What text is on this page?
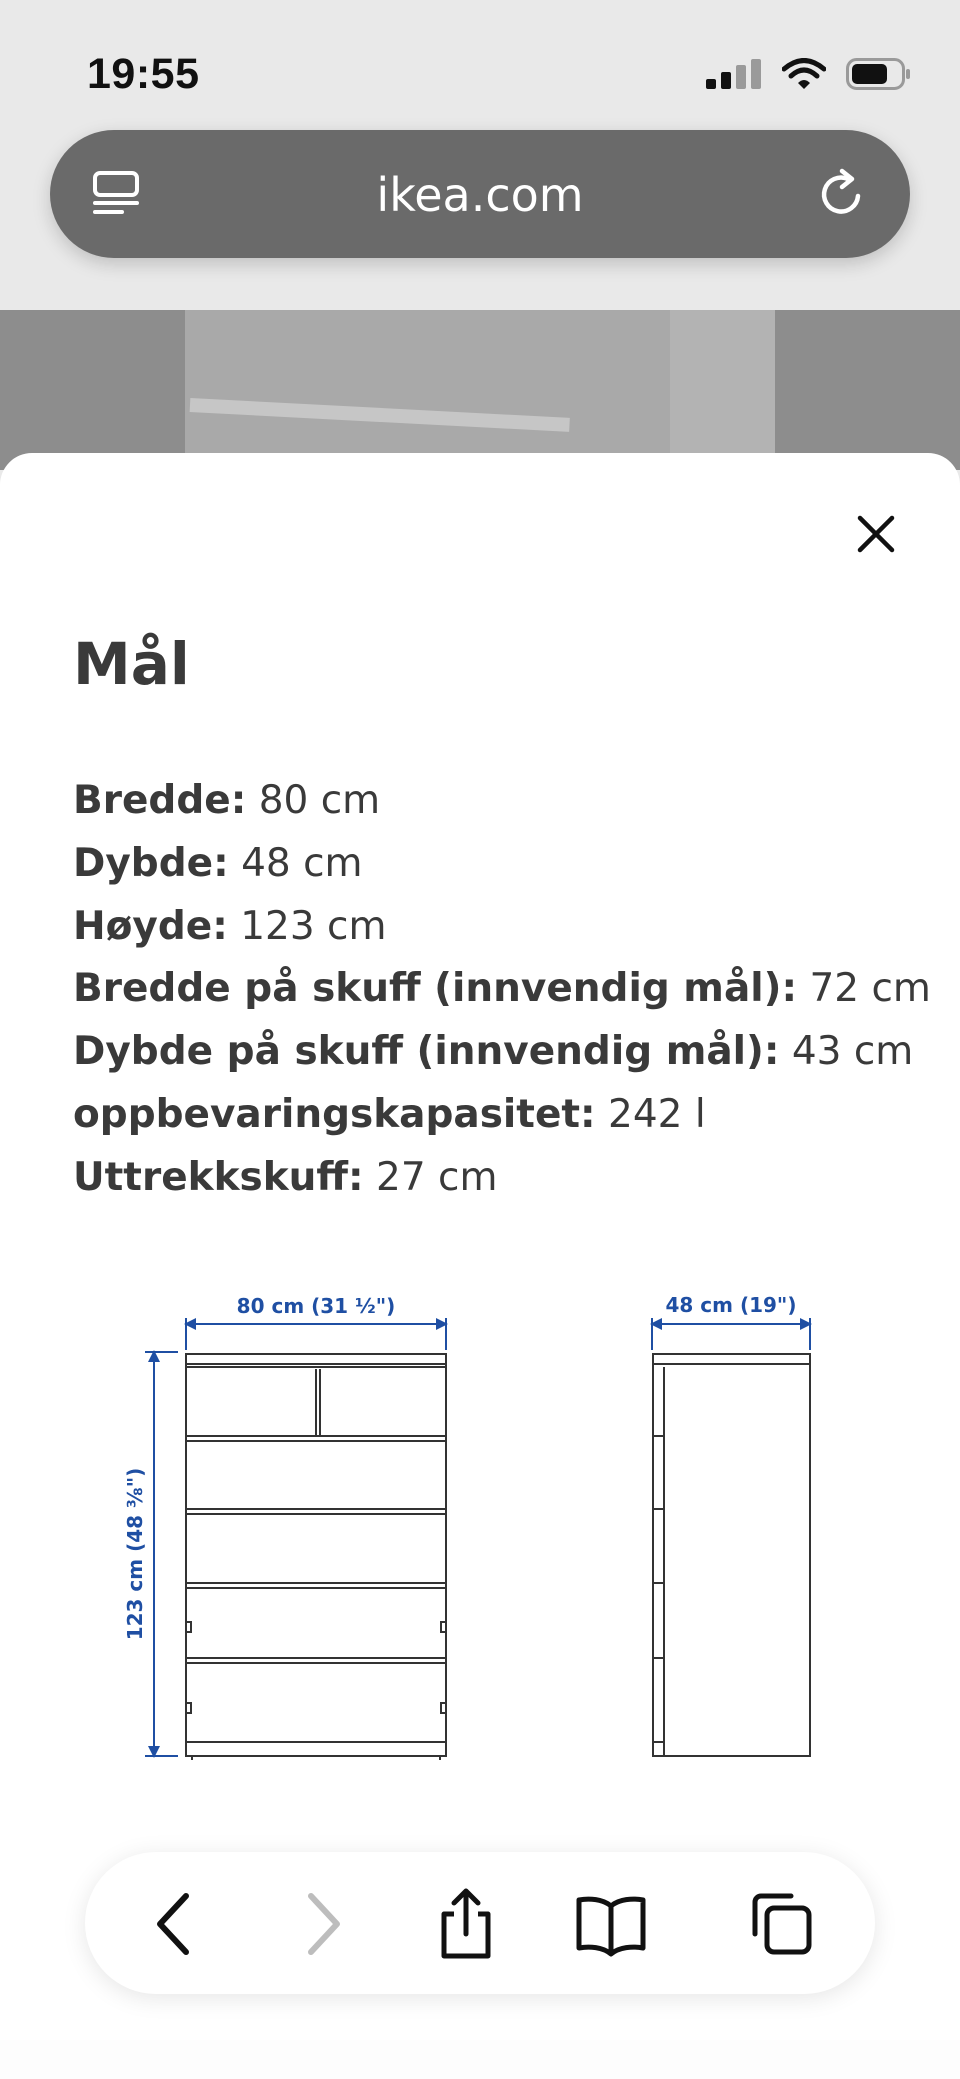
19:55
ikea.com
Mål
Bredde: 80 cm
Dybde: 48 cm
Høyde: 123 cm
Bredde på skuff (innvendig mål): 72 cm
Dybde på skuff (innvendig mål): 43 cm
oppbevaringskapasitet: 242 l
Uttrekkskuff: 27 cm
80 cm (31 ½")
123 cm (48 ⅜")
48 cm (19")
